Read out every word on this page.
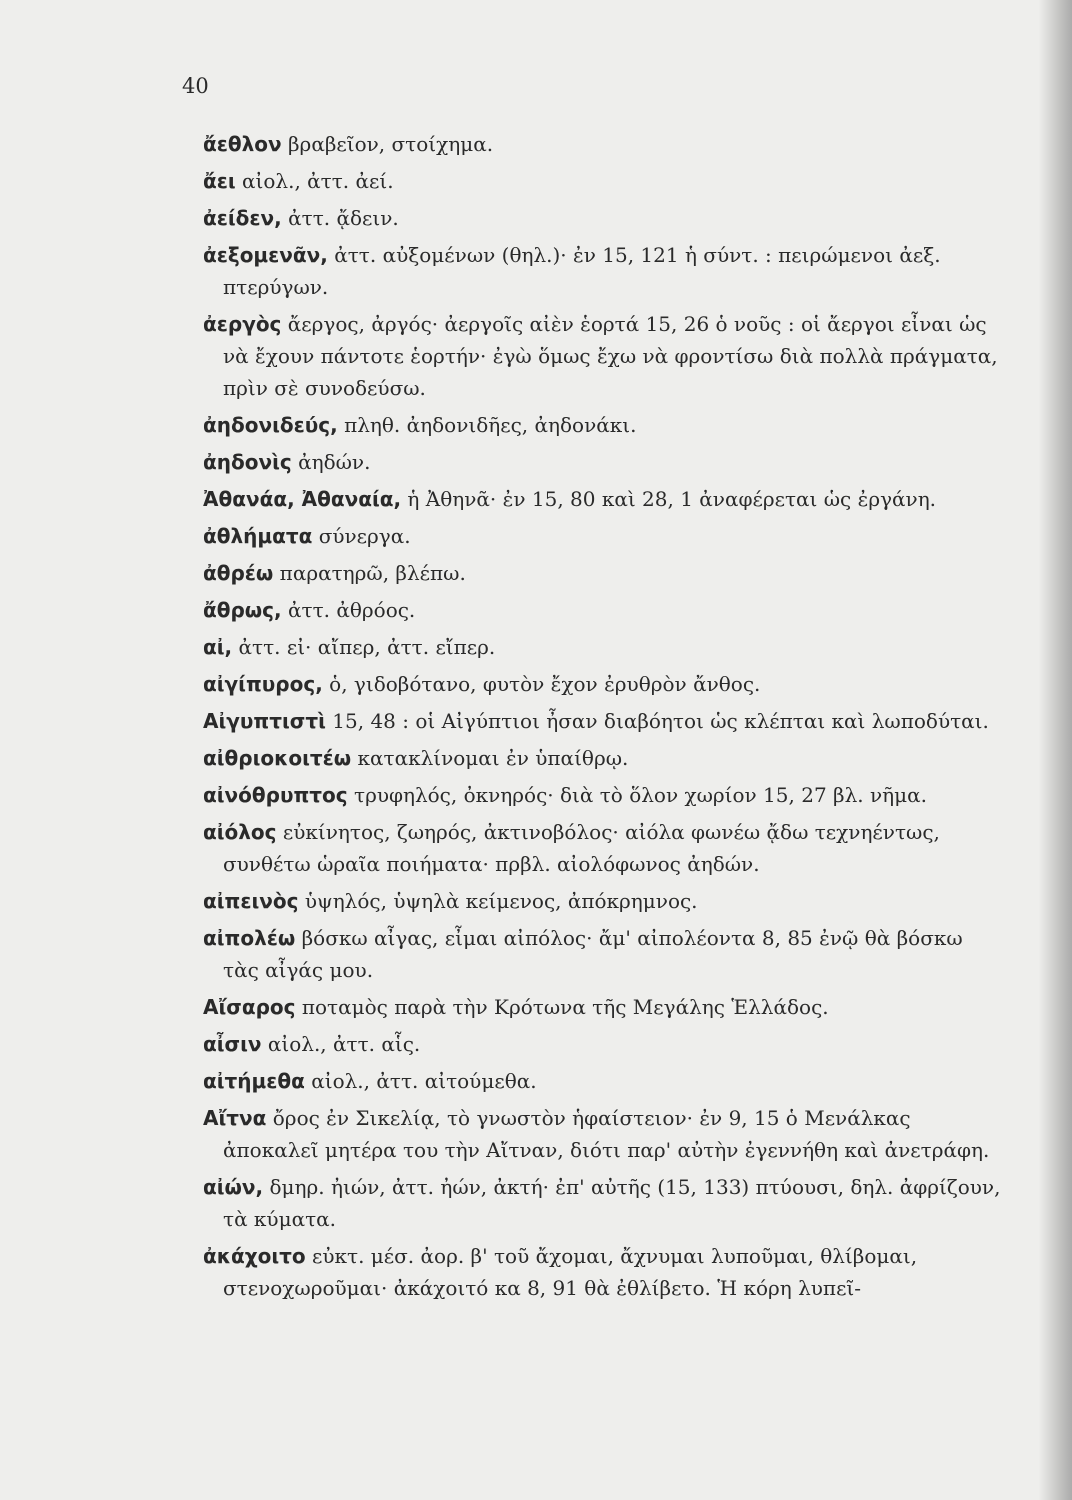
40

ἄεθλον βραβεῖον, στοίχημα.

ἄει αἰολ., ἀττ. ἀεί.

ἀείδεν, ἀττ. ᾄδειν.

ἀεξομενᾶν, ἀττ. αὐξομένων (θηλ.)· ἐν 15, 121 ἡ σύντ. : πειρώμενοι ἀεξ. πτερύγων.

ἀεργὸς ἄεργος, ἀργός· ἀεργοῖς αἰὲν ἑορτά 15, 26 ὁ νοῦς : οἱ ἄεργοι εἶναι ὡς νὰ ἔχουν πάντοτε ἑορτήν· ἐγὼ ὅμως ἔχω νὰ φροντίσω διὰ πολλὰ πράγματα, πρὶν σὲ συνοδεύσω.

ἀηδονιδεύς, πληθ. ἀηδονιδῆες, ἀηδονάκι.

ἀηδονὶς ἀηδών.

Ἀθανάα, Ἀθαναία, ἡ Ἀθηνᾶ· ἐν 15, 80 καὶ 28, 1 ἀναφέρεται ὡς ἐργάνη.

ἀθλήματα σύνεργα.

ἀθρέω παρατηρῶ, βλέπω.

ἄθρως, ἀττ. ἀθρόος.

αἰ, ἀττ. εἰ· αἴπερ, ἀττ. εἴπερ.

αἰγίπυρος, ὁ, γιδοβότανο, φυτὸν ἔχον ἐρυθρὸν ἄνθος.

Αἰγυπτιστὶ 15, 48 : οἱ Αἰγύπτιοι ἦσαν διαβόητοι ὡς κλέπται καὶ λωποδύται.

αἰθριοκοιτέω κατακλίνομαι ἐν ὑπαίθρῳ.

αἰνόθρυπτος τρυφηλός, ὀκνηρός· διὰ τὸ ὅλον χωρίον 15, 27 βλ. νῆμα.

αἰόλος εὐκίνητος, ζωηρός, ἀκτινοβόλος· αἰόλα φωνέω ᾄδω τεχνηέντως, συνθέτω ὡραῖα ποιήματα· πρβλ. αἰολόφωνος ἀηδών.

αἰπεινὸς ὑψηλός, ὑψηλὰ κείμενος, ἀπόκρημνος.

αἰπολέω βόσκω αἶγας, εἶμαι αἰπόλος· ἄμ' αἰπολέοντα 8, 85 ἐνῷ θὰ βόσκω τὰς αἶγάς μου.

Αἴσαρος ποταμὸς παρὰ τὴν Κρότωνα τῆς Μεγάλης Ἑλλάδος.

αἶσιν αἰολ., ἀττ. αἷς.

αἰτήμεθα αἰολ., ἀττ. αἰτούμεθα.

Αἴτνα ὄρος ἐν Σικελίᾳ, τὸ γνωστὸν ἡφαίστειον· ἐν 9, 15 ὁ Μενάλκας ἀποκαλεῖ μητέρα του τὴν Αἴτναν, διότι παρ' αὐτὴν ἐγεννήθη καὶ ἀνετράφη.

αἰών, δμηρ. ἠιών, ἀττ. ἠών, ἀκτή· ἐπ' αὐτῆς (15, 133) πτύουσι, δηλ. ἀφρίζουν, τὰ κύματα.

ἀκάχοιτο εὐκτ. μέσ. ἀορ. β' τοῦ ἄχομαι, ἄχνυμαι λυποῦμαι, θλίβομαι, στενοχωροῦμαι· ἀκάχοιτό κα 8, 91 θὰ ἐθλίβετο. Ἡ κόρη λυπεῖ-
